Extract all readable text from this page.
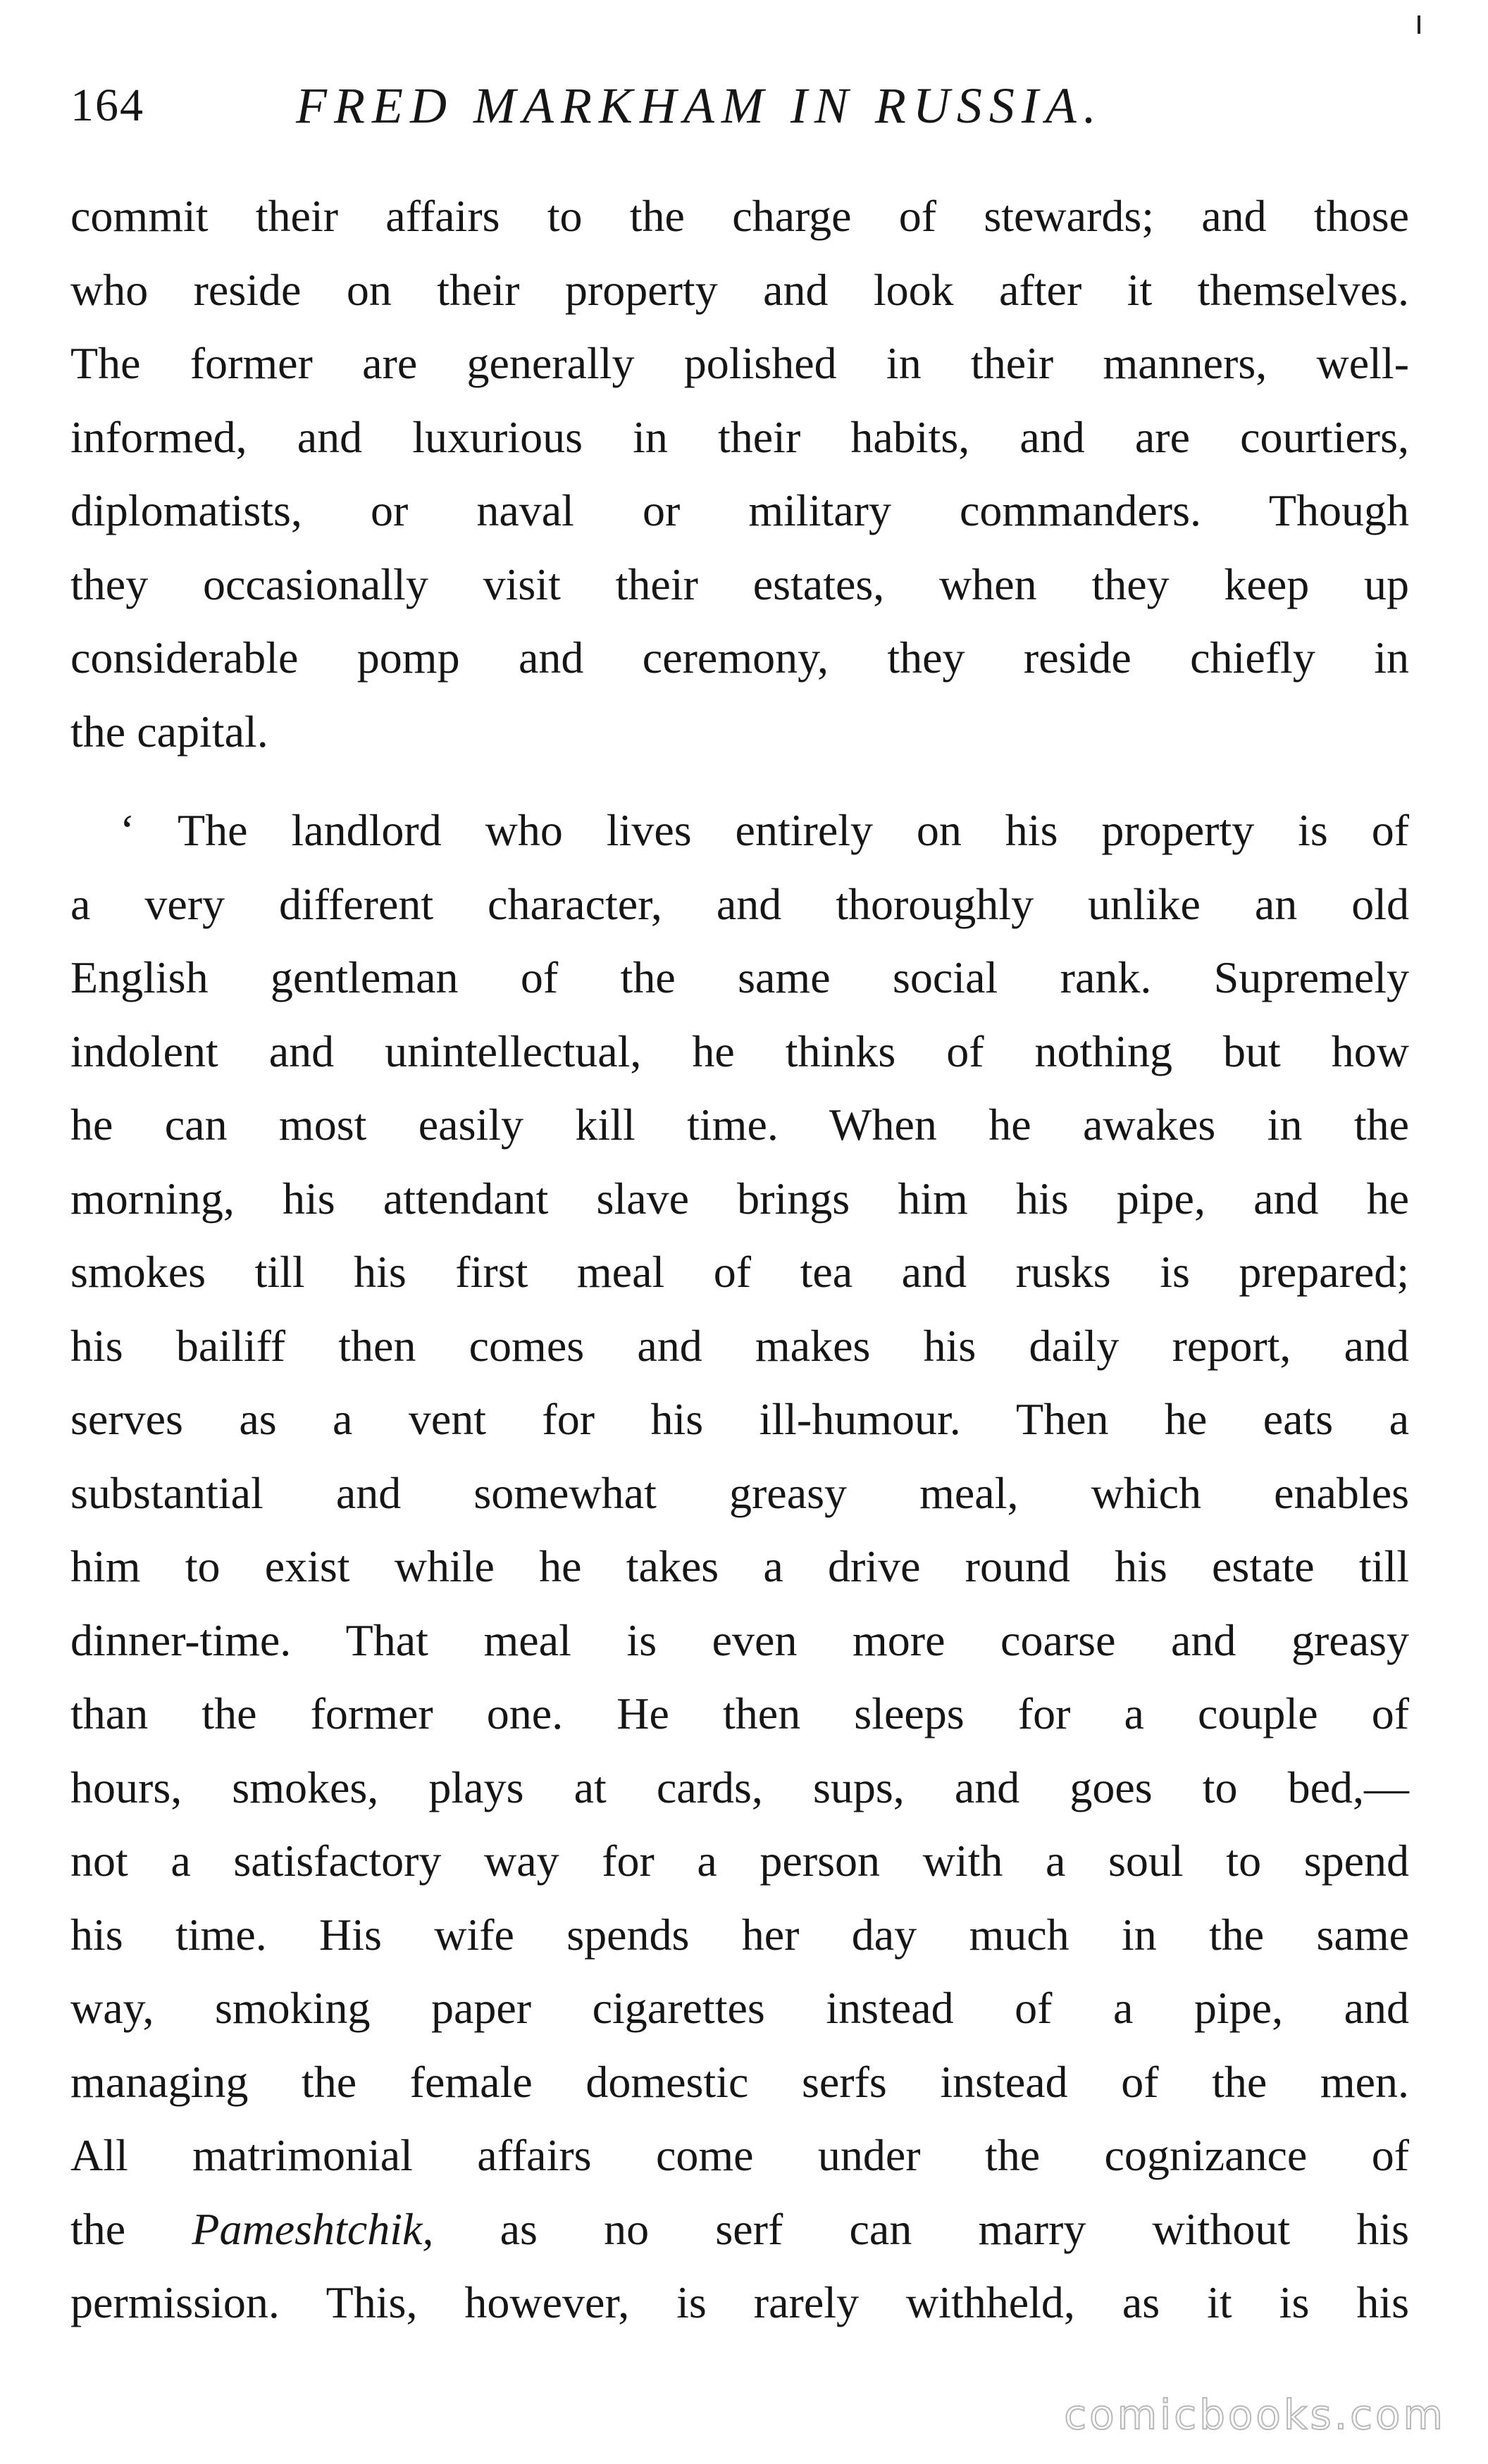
164	FRED MARKHAM IN RUSSIA.
commit their affairs to the charge of stewards; and those
who reside on their property and look after it themselves.
The former are generally polished in their manners, well-
informed, and luxurious in their habits, and are courtiers,
diplomatists, or naval or military commanders. Though
they occasionally visit their estates, when they keep up
considerable pomp and ceremony, they reside chiefly in
the capital.
‘ The landlord who lives entirely on his property is of
a very different character, and thoroughly unlike an old
English gentleman of the same social rank. Supremely
indolent and unintellectual, he thinks of nothing but how
he can most easily kill time. When he awakes in the
morning, his attendant slave brings him his pipe, and he
smokes till his first meal of tea and rusks is prepared;
his bailiff then comes and makes his daily report, and
serves as a vent for his ill-humour. Then he eats a
substantial and somewhat greasy meal, which enables
him to exist while he takes a drive round his estate till
dinner-time. That meal is even more coarse and greasy
than the former one. He then sleeps for a couple of
hours, smokes, plays at cards, sups, and goes to bed,—
not a satisfactory way for a person with a soul to spend
his time. His wife spends her day much in the same
way, smoking paper cigarettes instead of a pipe, and
managing the female domestic serfs instead of the men.
All matrimonial affairs come under the cognizance of
the Pameshtchik, as no serf can marry without his
permission. This, however, is rarely withheld, as it is his
comicbooks.com
